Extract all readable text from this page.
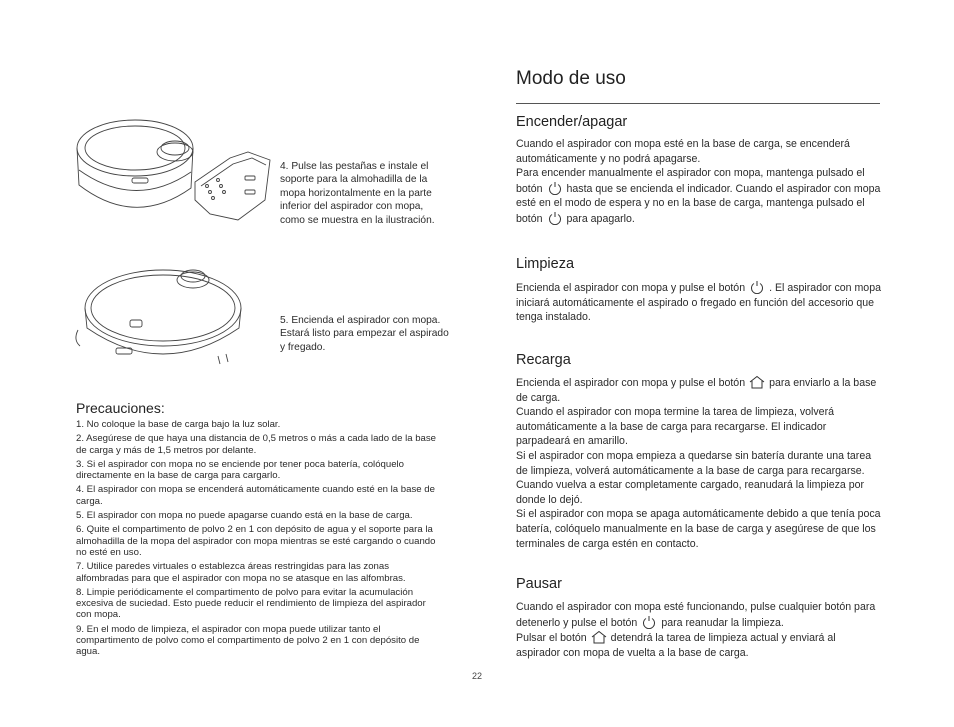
4. Pulse las pestañas e instale el soporte para la almohadilla de la mopa horizontalmente en la parte inferior del aspirador con mopa, como se muestra en la ilustración.
5. Encienda el aspirador con mopa. Estará listo para empezar el aspirado y fregado.
Precauciones:
1. No coloque la base de carga bajo la luz solar.
2. Asegúrese de que haya una distancia de 0,5 metros o más a cada lado de la base de carga y más de 1,5 metros por delante.
3. Si el aspirador con mopa no se enciende por tener poca batería, colóquelo directamente en la base de carga para cargarlo.
4. El aspirador con mopa se encenderá automáticamente cuando esté en la base de carga.
5. El aspirador con mopa no puede apagarse cuando está en la base de carga.
6. Quite el compartimento de polvo 2 en 1 con depósito de agua y el soporte para la almohadilla de la mopa del aspirador con mopa mientras se esté cargando o cuando no esté en uso.
7. Utilice paredes virtuales o establezca áreas restringidas para las zonas alfombradas para que el aspirador con mopa no se atasque en las alfombras.
8. Limpie periódicamente el compartimento de polvo para evitar la acumulación excesiva de suciedad. Esto puede reducir el rendimiento de limpieza del aspirador con mopa.
9. En el modo de limpieza, el aspirador con mopa puede utilizar tanto el compartimento de polvo como el compartimento de polvo 2 en 1 con depósito de agua.
Modo de uso
Encender/apagar
Cuando el aspirador con mopa esté en la base de carga, se encenderá automáticamente y no podrá apagarse.
Para encender manualmente el aspirador con mopa, mantenga pulsado el botón hasta que se encienda el indicador. Cuando el aspirador con mopa esté en el modo de espera y no en la base de carga, mantenga pulsado el botón para apagarlo.
Limpieza
Encienda el aspirador con mopa y pulse el botón . El aspirador con mopa iniciará automáticamente el aspirado o fregado en función del accesorio que tenga instalado.
Recarga
Encienda el aspirador con mopa y pulse el botón para enviarlo a la base de carga.
Cuando el aspirador con mopa termine la tarea de limpieza, volverá automáticamente a la base de carga para recargarse. El indicador parpadeará en amarillo.
Si el aspirador con mopa empieza a quedarse sin batería durante una tarea de limpieza, volverá automáticamente a la base de carga para recargarse. Cuando vuelva a estar completamente cargado, reanudará la limpieza por donde lo dejó.
Si el aspirador con mopa se apaga automáticamente debido a que tenía poca batería, colóquelo manualmente en la base de carga y asegúrese de que los terminales de carga estén en contacto.
Pausar
Cuando el aspirador con mopa esté funcionando, pulse cualquier botón para detenerlo y pulse el botón para reanudar la limpieza.
Pulsar el botón detendrá la tarea de limpieza actual y enviará al aspirador con mopa de vuelta a la base de carga.
22
